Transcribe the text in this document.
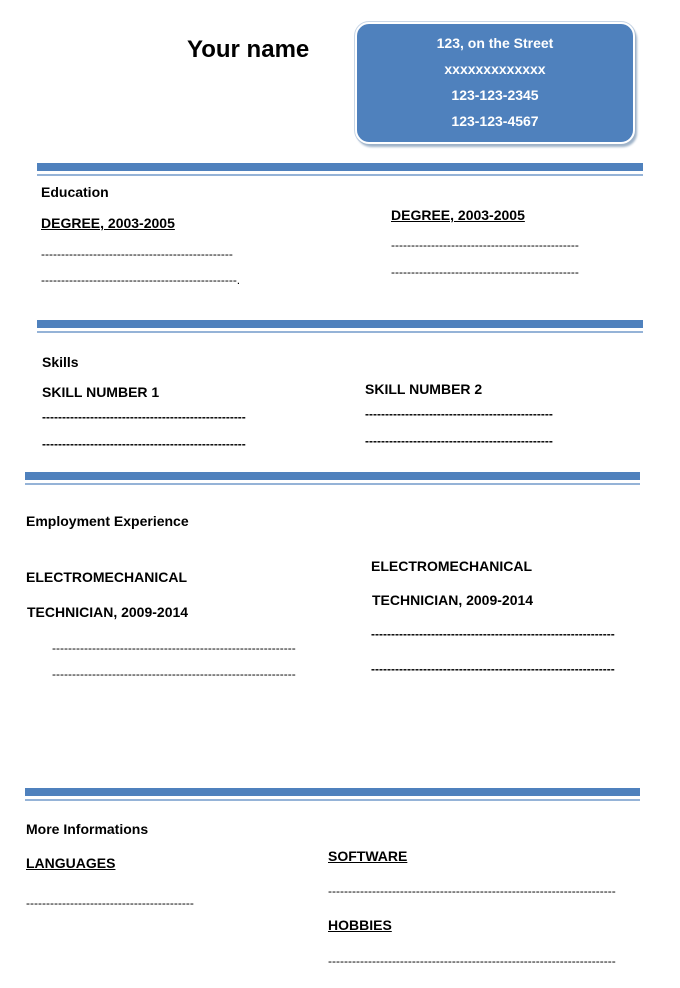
Your name	123, on the Street
xxxxxxxxxxxxx
123-123-2345
123-123-4567
Education
DEGREE, 2003-2005
------------------------------------------------
-------------------------------------------------.
DEGREE, 2003-2005
-----------------------------------------------
-----------------------------------------------
Skills
SKILL NUMBER 1
---------------------------------------------------
---------------------------------------------------
SKILL NUMBER 2
-----------------------------------------------
-----------------------------------------------
Employment Experience
ELECTROMECHANICAL
TECHNICIAN, 2009-2014
-------------------------------------------------------------
-------------------------------------------------------------
ELECTROMECHANICAL
TECHNICIAN, 2009-2014
-------------------------------------------------------------
-------------------------------------------------------------
More Informations
LANGUAGES
------------------------------------------
SOFTWARE
------------------------------------------------------------------------
HOBBIES
------------------------------------------------------------------------
